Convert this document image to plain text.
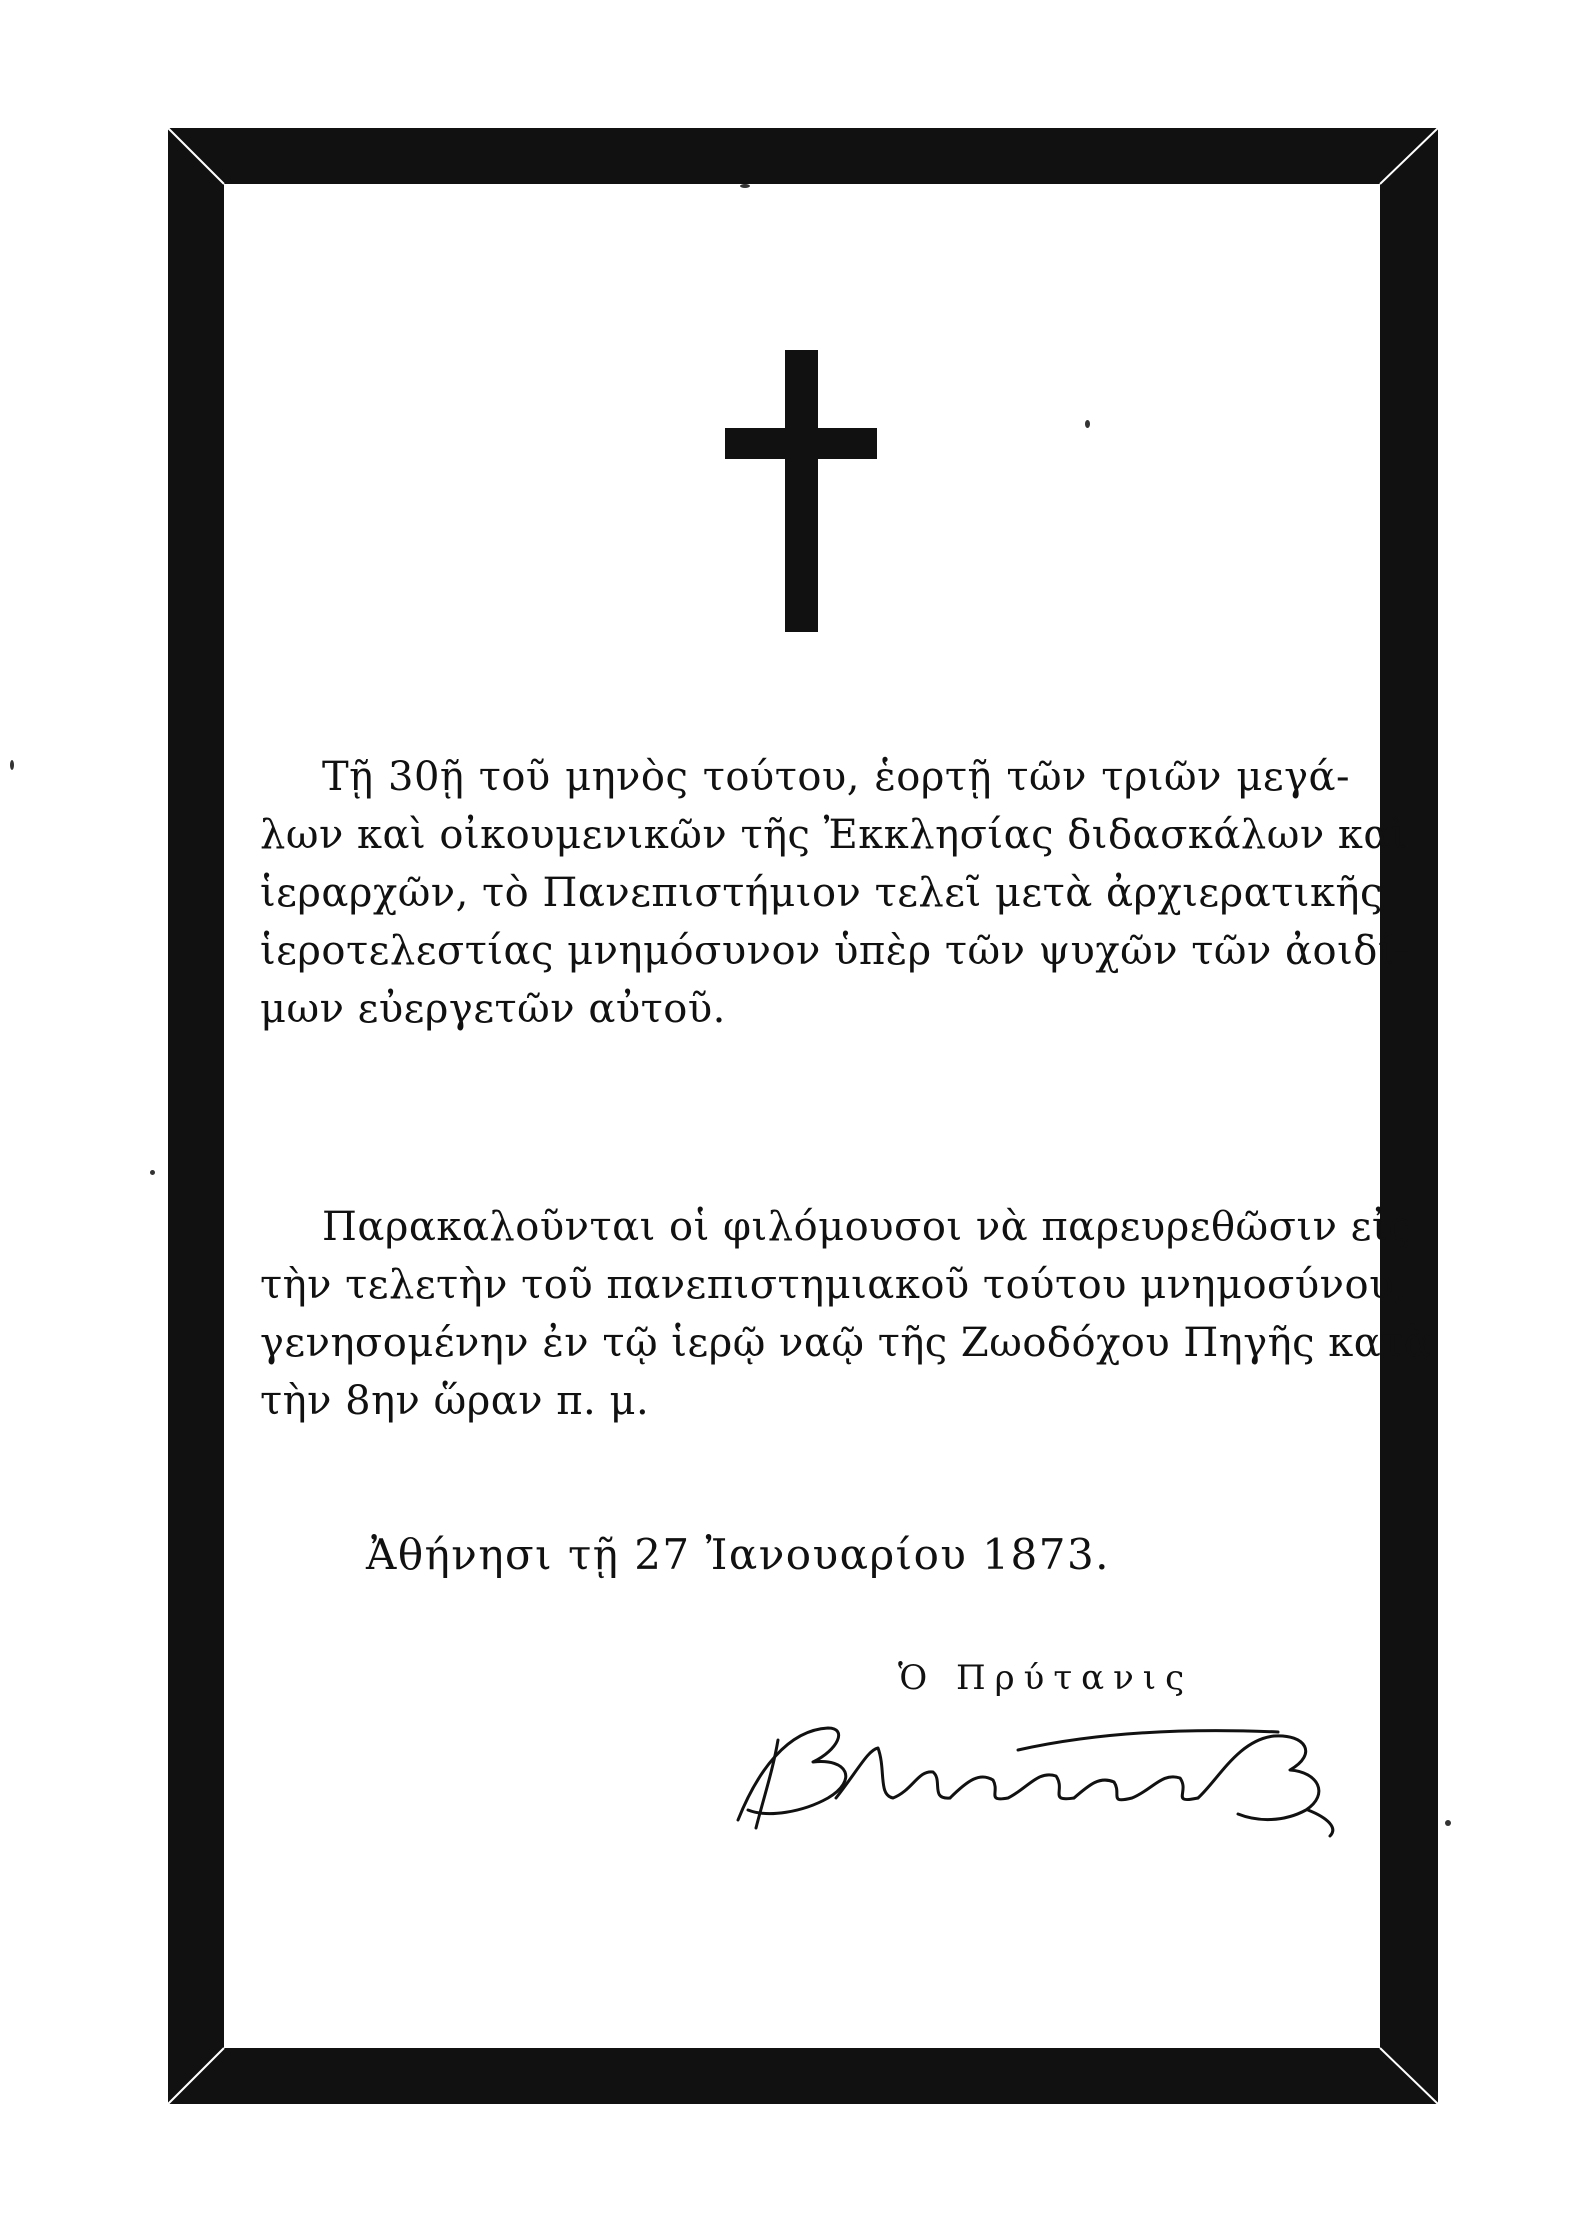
Τῇ 30ῇ τοῦ μηνὸς τούτου, ἑορτῇ τῶν τριῶν μεγά-
λων καὶ οἰκουμενικῶν τῆς Ἐκκλησίας διδασκάλων καὶ
ἱεραρχῶν, τὸ Πανεπιστήμιον τελεῖ μετὰ ἀρχιερατικῆς
ἱεροτελεστίας μνημόσυνον ὑπὲρ τῶν ψυχῶν τῶν ἀοιδί-
μων εὐεργετῶν αὐτοῦ.
Παρακαλοῦνται οἱ φιλόμουσοι νὰ παρευρεθῶσιν εἰς
τὴν τελετὴν τοῦ πανεπιστημιακοῦ τούτου μνημοσύνου,
γενησομένην ἐν τῷ ἱερῷ ναῷ τῆς Ζωοδόχου Πηγῆς κατὰ
τὴν 8ην ὥραν π. μ.
Ἀθήνησι τῇ 27 Ἰανουαρίου 1873.
Ὁ Πρύτανις
